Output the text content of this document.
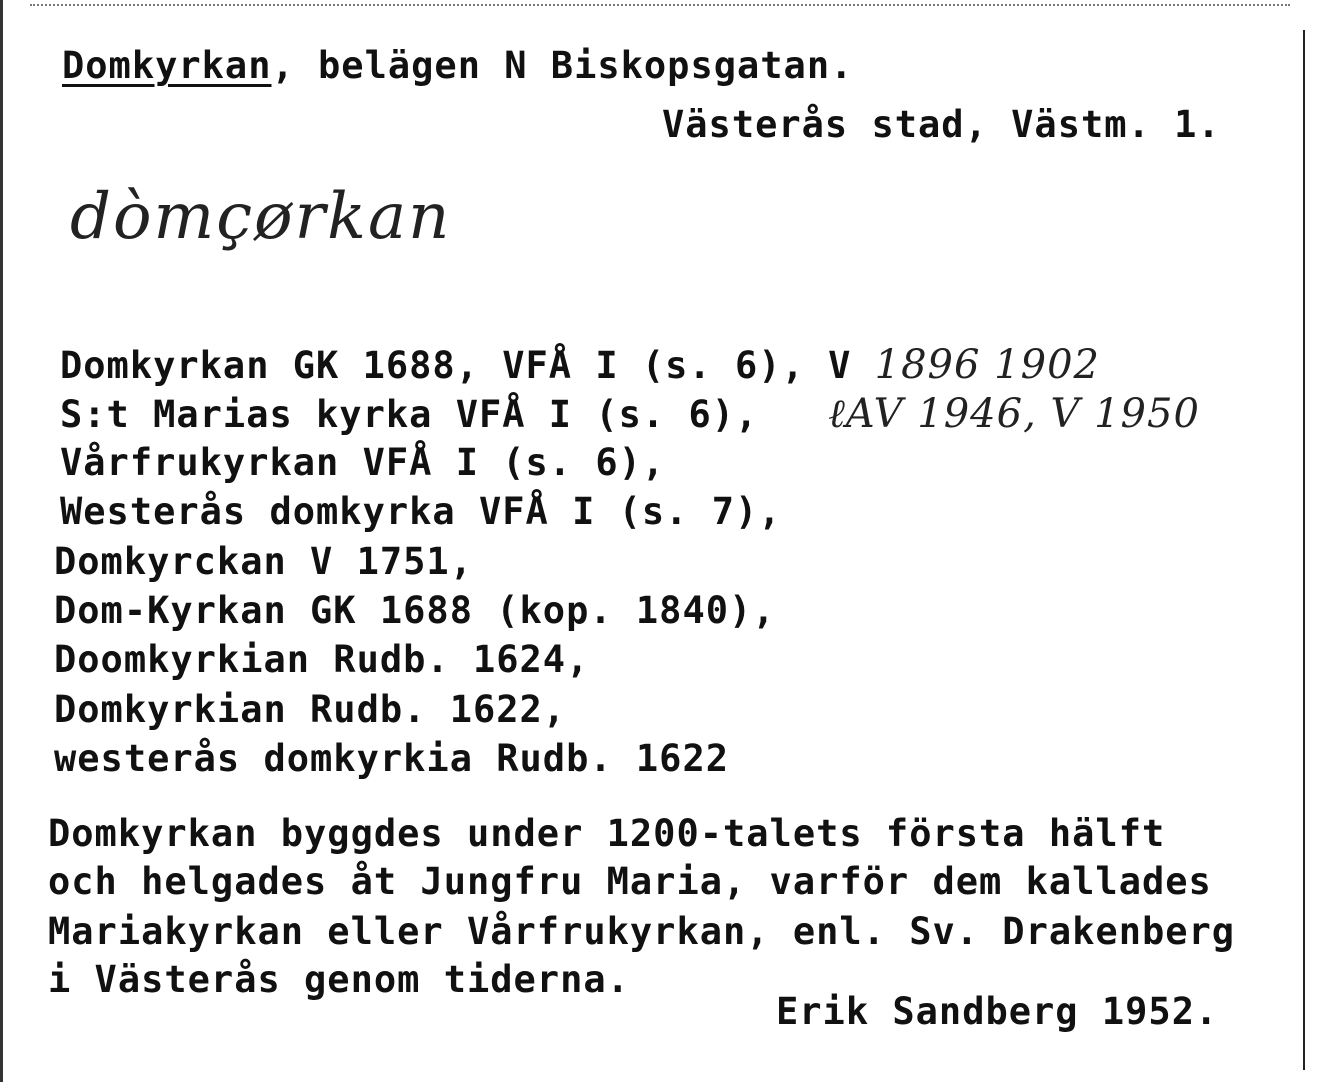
Domkyrkan, belägen N Biskopsgatan.
Västerås stad, Västm. 1.
dòmçørkan
Domkyrkan GK 1688, VFÅ I (s. 6), V 1896 1902
S:t Marias kyrka VFÅ I (s. 6),   ℓAV 1946, V 1950
Vårfrukyrkan VFÅ I (s. 6),
Westerås domkyrka VFÅ I (s. 7),
Domkyrckan V 1751,
Dom-Kyrkan GK 1688 (kop. 1840),
Doomkyrkian Rudb. 1624,
Domkyrkian Rudb. 1622,
westerås domkyrkia Rudb. 1622
Domkyrkan byggdes under 1200-talets första hälft
och helgades åt Jungfru Maria, varför dem kallades
Mariakyrkan eller Vårfrukyrkan, enl. Sv. Drakenberg
i Västerås genom tiderna.
Erik Sandberg 1952.
